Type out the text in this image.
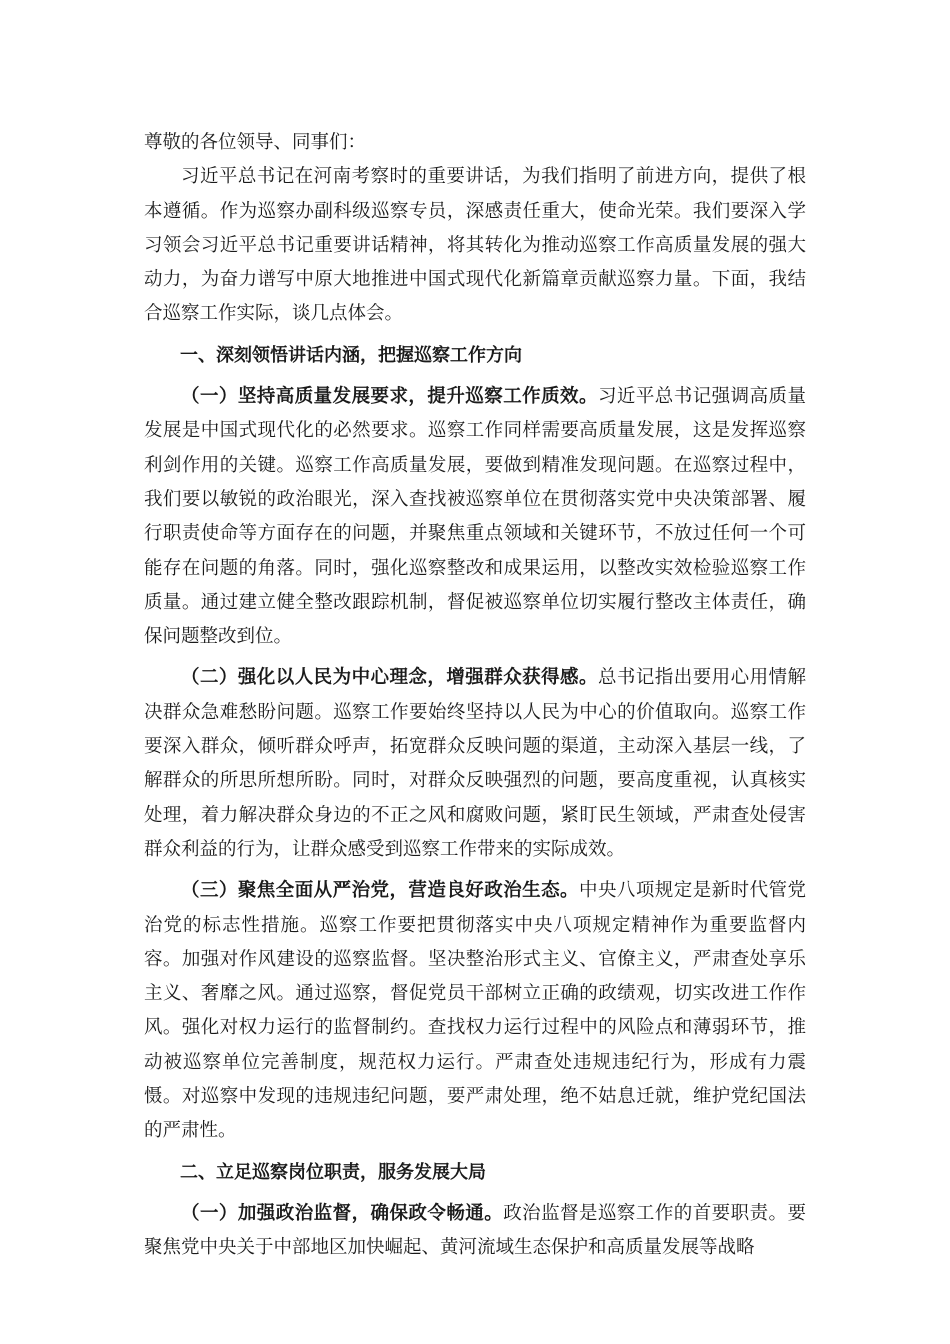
尊敬的各位领导、同事们：

习近平总书记在河南考察时的重要讲话，为我们指明了前进方向，提供了根本遵循。作为巡察办副科级巡察专员，深感责任重大，使命光荣。我们要深入学习领会习近平总书记重要讲话精神，将其转化为推动巡察工作高质量发展的强大动力，为奋力谱写中原大地推进中国式现代化新篇章贡献巡察力量。下面，我结合巡察工作实际，谈几点体会。

一、深刻领悟讲话内涵，把握巡察工作方向

（一）坚持高质量发展要求，提升巡察工作质效。习近平总书记强调高质量发展是中国式现代化的必然要求。巡察工作同样需要高质量发展，这是发挥巡察利剑作用的关键。巡察工作高质量发展，要做到精准发现问题。在巡察过程中，我们要以敏锐的政治眼光，深入查找被巡察单位在贯彻落实党中央决策部署、履行职责使命等方面存在的问题，并聚焦重点领域和关键环节，不放过任何一个可能存在问题的角落。同时，强化巡察整改和成果运用，以整改实效检验巡察工作质量。通过建立健全整改跟踪机制，督促被巡察单位切实履行整改主体责任，确保问题整改到位。

（二）强化以人民为中心理念，增强群众获得感。总书记指出要用心用情解决群众急难愁盼问题。巡察工作要始终坚持以人民为中心的价值取向。巡察工作要深入群众，倾听群众呼声，拓宽群众反映问题的渠道，主动深入基层一线，了解群众的所思所想所盼。同时，对群众反映强烈的问题，要高度重视，认真核实处理，着力解决群众身边的不正之风和腐败问题，紧盯民生领域，严肃查处侵害群众利益的行为，让群众感受到巡察工作带来的实际成效。

（三）聚焦全面从严治党，营造良好政治生态。中央八项规定是新时代管党治党的标志性措施。巡察工作要把贯彻落实中央八项规定精神作为重要监督内容。加强对作风建设的巡察监督。坚决整治形式主义、官僚主义，严肃查处享乐主义、奢靡之风。通过巡察，督促党员干部树立正确的政绩观，切实改进工作作风。强化对权力运行的监督制约。查找权力运行过程中的风险点和薄弱环节，推动被巡察单位完善制度，规范权力运行。严肃查处违规违纪行为，形成有力震慑。对巡察中发现的违规违纪问题，要严肃处理，绝不姑息迁就，维护党纪国法的严肃性。

二、立足巡察岗位职责，服务发展大局

（一）加强政治监督，确保政令畅通。政治监督是巡察工作的首要职责。要聚焦党中央关于中部地区加快崛起、黄河流域生态保护和高质量发展等战略
